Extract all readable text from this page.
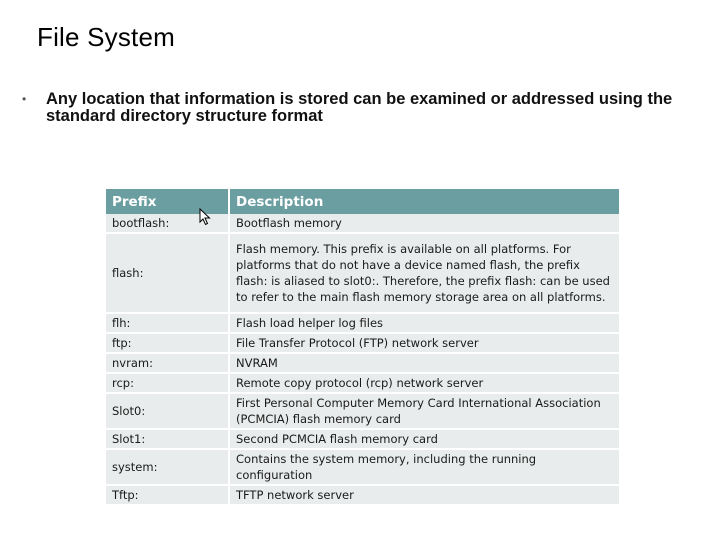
File System
• Any location that information is stored can be examined or addressed using the standard directory structure format
Prefix	Description
bootflash:	Bootflash memory
flash:	Flash memory. This prefix is available on all platforms. For platforms that do not have a device named flash, the prefix flash: is aliased to slot0:. Therefore, the prefix flash: can be used to refer to the main flash memory storage area on all platforms.
flh:	Flash load helper log files
ftp:	File Transfer Protocol (FTP) network server
nvram:	NVRAM
rcp:	Remote copy protocol (rcp) network server
Slot0:	First Personal Computer Memory Card International Association (PCMCIA) flash memory card
Slot1:	Second PCMCIA flash memory card
system:	Contains the system memory, including the running configuration
Tftp:	TFTP network server
